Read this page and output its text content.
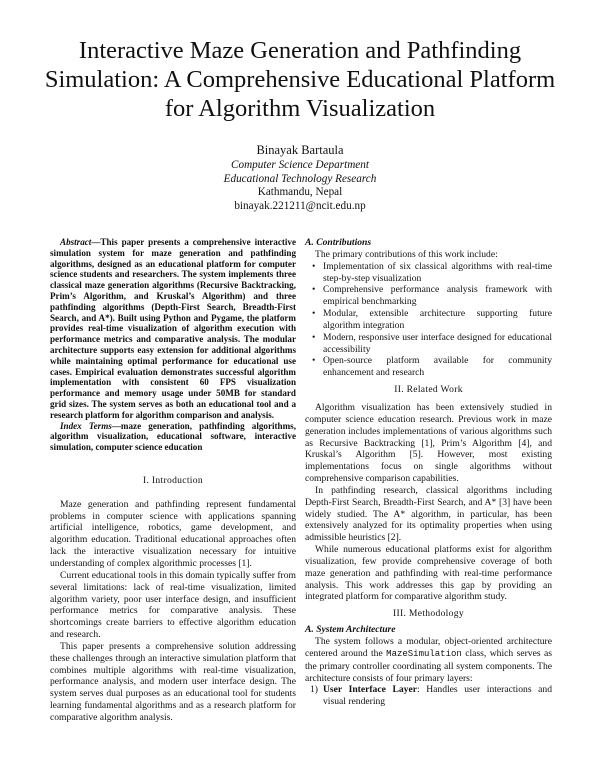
Interactive Maze Generation and Pathfinding Simulation: A Comprehensive Educational Platform for Algorithm Visualization
Binayak Bartaula
Computer Science Department
Educational Technology Research
Kathmandu, Nepal
binayak.221211@ncit.edu.np

Abstract—This paper presents a comprehensive interactive simulation system for maze generation and pathfinding algorithms, designed as an educational platform for computer science students and researchers. The system implements three classical maze generation algorithms (Recursive Backtracking, Prim’s Algorithm, and Kruskal’s Algorithm) and three pathfinding algorithms (Depth-First Search, Breadth-First Search, and A*). Built using Python and Pygame, the platform provides real-time visualization of algorithm execution with performance metrics and comparative analysis. The modular architecture supports easy extension for additional algorithms while maintaining optimal performance for educational use cases. Empirical evaluation demonstrates successful algorithm implementation with consistent 60 FPS visualization performance and memory usage under 50MB for standard grid sizes. The system serves as both an educational tool and a research platform for algorithm comparison and analysis.

Index Terms—maze generation, pathfinding algorithms, algorithm visualization, educational software, interactive simulation, computer science education

I. Introduction

Maze generation and pathfinding represent fundamental problems in computer science with applications spanning artificial intelligence, robotics, game development, and algorithm education. Traditional educational approaches often lack the interactive visualization necessary for intuitive understanding of complex algorithmic processes [1].

Current educational tools in this domain typically suffer from several limitations: lack of real-time visualization, limited algorithm variety, poor user interface design, and insufficient performance metrics for comparative analysis. These shortcomings create barriers to effective algorithm education and research.

This paper presents a comprehensive solution addressing these challenges through an interactive simulation platform that combines multiple algorithms with real-time visualization, performance analysis, and modern user interface design. The system serves dual purposes as an educational tool for students learning fundamental algorithms and as a research platform for comparative algorithm analysis.

A. Contributions

The primary contributions of this work include:

• Implementation of six classical algorithms with real-time step-by-step visualization
• Comprehensive performance analysis framework with empirical benchmarking
• Modular, extensible architecture supporting future algorithm integration
• Modern, responsive user interface designed for educational accessibility
• Open-source platform available for community enhancement and research
II. Related Work

Algorithm visualization has been extensively studied in computer science education research. Previous work in maze generation includes implementations of various algorithms such as Recursive Backtracking [1], Prim’s Algorithm [4], and Kruskal’s Algorithm [5]. However, most existing implementations focus on single algorithms without comprehensive comparison capabilities.

In pathfinding research, classical algorithms including Depth-First Search, Breadth-First Search, and A* [3] have been widely studied. The A* algorithm, in particular, has been extensively analyzed for its optimality properties when using admissible heuristics [2].

While numerous educational platforms exist for algorithm visualization, few provide comprehensive coverage of both maze generation and pathfinding with real-time performance analysis. This work addresses this gap by providing an integrated platform for comparative algorithm study.

III. Methodology
A. System Architecture

The system follows a modular, object-oriented architecture centered around the MazeSimulation class, which serves as the primary controller coordinating all system components. The architecture consists of four primary layers:

1) User Interface Layer: Handles user interactions and visual rendering
